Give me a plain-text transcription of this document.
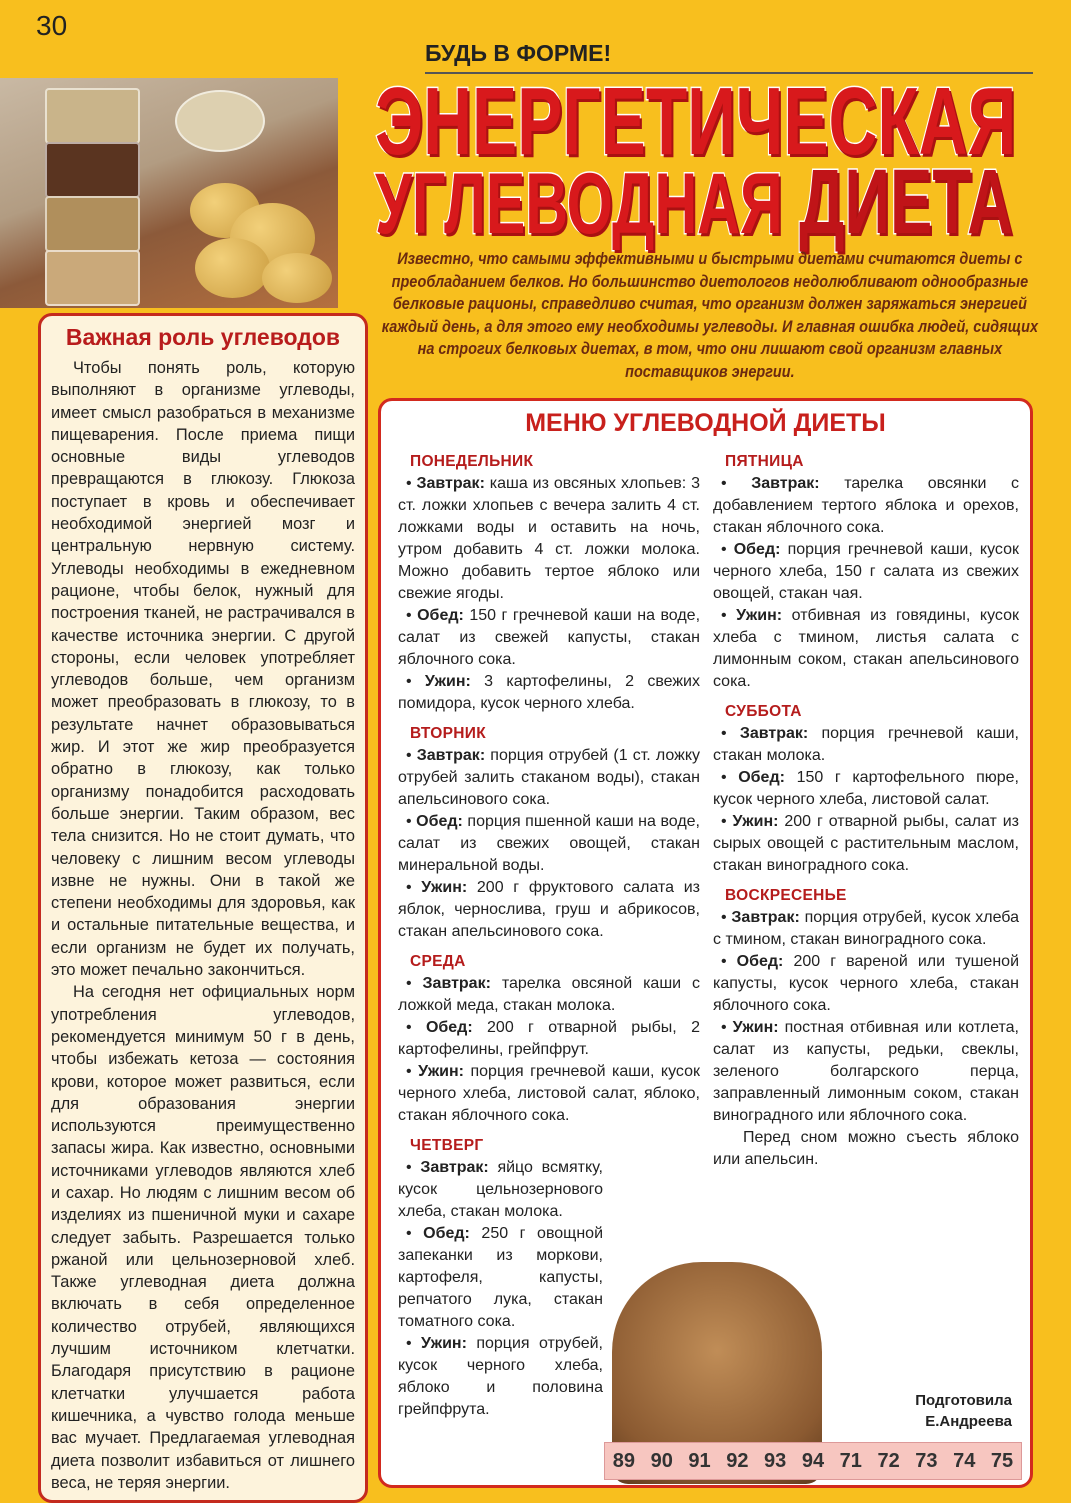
30
БУДЬ В ФОРМЕ!
ЭНЕРГЕТИЧЕСКАЯ
УГЛЕВОДНАЯ ДИЕТА
Известно, что самыми эффективными и быстрыми диетами считаются диеты с преобладанием белков. Но большинство диетологов недолюбливают однообразные белковые рационы, справедливо считая, что организм должен заряжаться энергией каждый день, а для этого ему необходимы углеводы. И главная ошибка людей, сидящих на строгих белковых диетах, в том, что они лишают свой организм главных поставщиков энергии.
Важная роль углеводов

Чтобы понять роль, которую выполняют в организме углеводы, имеет смысл разобраться в механизме пищеварения. После приема пищи основные виды углеводов превращаются в глюкозу. Глюкоза поступает в кровь и обеспечивает необходимой энергией мозг и центральную нервную систему. Углеводы необходимы в ежедневном рационе, чтобы белок, нужный для построения тканей, не растрачивался в качестве источника энергии. С другой стороны, если человек употребляет углеводов больше, чем организм может преобразовать в глюкозу, то в результате начнет образовываться жир. И этот же жир преобразуется обратно в глюкозу, как только организму понадобится расходовать больше энергии. Таким образом, вес тела снизится. Но не стоит думать, что человеку с лишним весом углеводы извне не нужны. Они в такой же степени необходимы для здоровья, как и остальные питательные вещества, и если организм не будет их получать, это может печально закончиться.

На сегодня нет официальных норм употребления углеводов, рекомендуется минимум 50 г в день, чтобы избежать кетоза — состояния крови, которое может развиться, если для образования энергии используются преимущественно запасы жира. Как известно, основными источниками углеводов являются хлеб и сахар. Но людям с лишним весом об изделиях из пшеничной муки и сахаре следует забыть. Разрешается только ржаной или цельнозерновой хлеб. Также углеводная диета должна включать в себя определенное количество отрубей, являющихся лучшим источником клетчатки. Благодаря присутствию в рационе клетчатки улучшается работа кишечника, а чувство голода меньше вас мучает. Предлагаемая углеводная диета позволит избавиться от лишнего веса, не теряя энергии.

МЕНЮ УГЛЕВОДНОЙ ДИЕТЫ
ПОНЕДЕЛЬНИК
• Завтрак: каша из овсяных хлопьев: 3 ст. ложки хлопьев с вечера залить 4 ст. ложками воды и оставить на ночь, утром добавить 4 ст. ложки молока. Можно добавить тертое яблоко или свежие ягоды.
• Обед: 150 г гречневой каши на воде, салат из свежей капусты, стакан яблочного сока.
• Ужин: 3 картофелины, 2 свежих помидора, кусок черного хлеба.
ВТОРНИК
• Завтрак: порция отрубей (1 ст. ложку отрубей залить стаканом воды), стакан апельсинового сока.
• Обед: порция пшенной каши на воде, салат из свежих овощей, стакан минеральной воды.
• Ужин: 200 г фруктового салата из яблок, чернослива, груш и абрикосов, стакан апельсинового сока.
СРЕДА
• Завтрак: тарелка овсяной каши с ложкой меда, стакан молока.
• Обед: 200 г отварной рыбы, 2 картофелины, грейпфрут.
• Ужин: порция гречневой каши, кусок черного хлеба, листовой салат, яблоко, стакан яблочного сока.
ЧЕТВЕРГ
• Завтрак: яйцо всмятку, кусок цельнозернового хлеба, стакан молока.
• Обед: 250 г овощной запеканки из моркови, картофеля, капусты, репчатого лука, стакан томатного сока.
• Ужин: порция отрубей, кусок черного хлеба, яблоко и половина грейпфрута.
ПЯТНИЦА
• Завтрак: тарелка овсянки с добавлением тертого яблока и орехов, стакан яблочного сока.
• Обед: порция гречневой каши, кусок черного хлеба, 150 г салата из свежих овощей, стакан чая.
• Ужин: отбивная из говядины, кусок хлеба с тмином, листья салата с лимонным соком, стакан апельсинового сока.
СУББОТА
• Завтрак: порция гречневой каши, стакан молока.
• Обед: 150 г картофельного пюре, кусок черного хлеба, листовой салат.
• Ужин: 200 г отварной рыбы, салат из сырых овощей с растительным маслом, стакан виноградного сока.
ВОСКРЕСЕНЬЕ
• Завтрак: порция отрубей, кусок хлеба с тмином, стакан виноградного сока.
• Обед: 200 г вареной или тушеной капусты, кусок черного хлеба, стакан яблочного сока.
• Ужин: постная отбивная или котлета, салат из капусты, редьки, свеклы, зеленого болгарского перца, заправленный лимонным соком, стакан виноградного или яблочного сока.
Перед сном можно съесть яблоко или апельсин.
89 90 91 92 93 94 71 72 73 74 75
Подготовила
Е.Андреева
